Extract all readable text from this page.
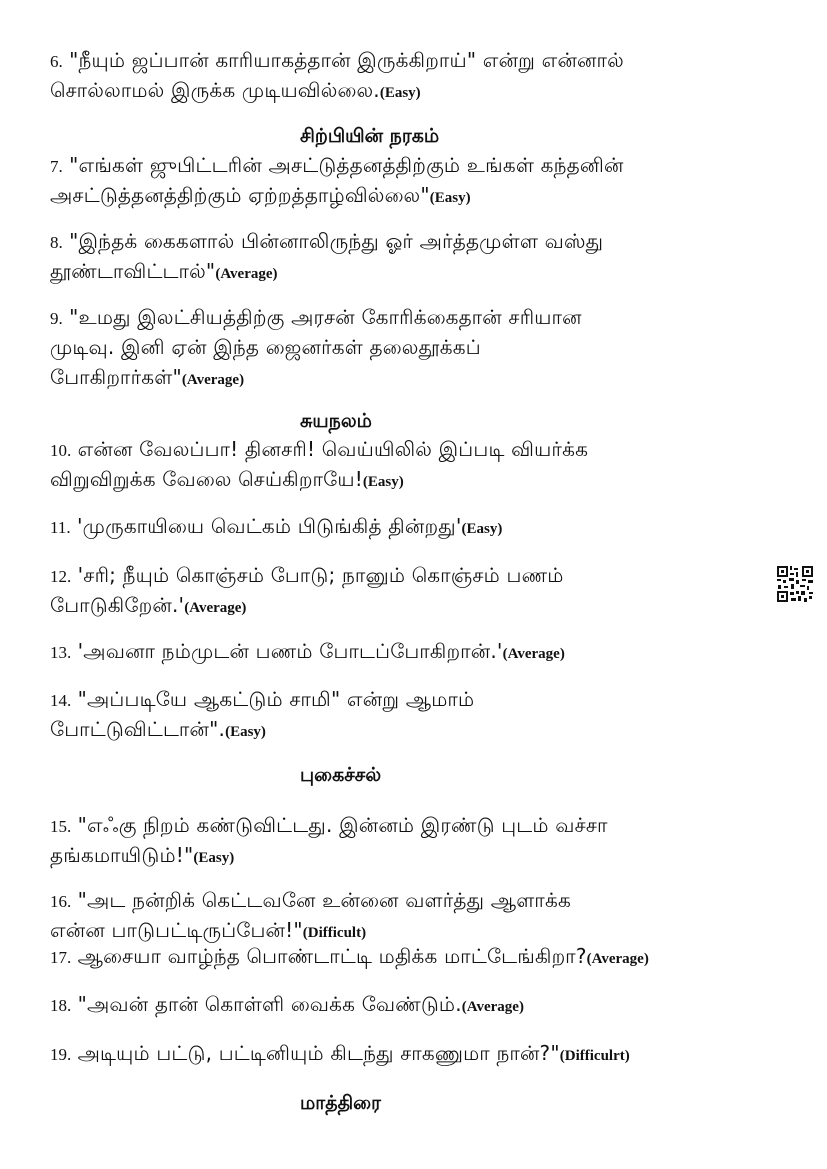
6. "நீயும் ஜப்பான் காரியாகத்தான் இருக்கிறாய்" என்று என்னால்
சொல்லாமல் இருக்க முடியவில்லை.(Easy)
சிற்பியின் நரகம்
7. "எங்கள் ஜுபிட்டரின் அசட்டுத்தனத்திற்கும் உங்கள் கந்தனின்
அசட்டுத்தனத்திற்கும் ஏற்றத்தாழ்வில்லை"(Easy)
8. "இந்தக் கைகளால் பின்னாலிருந்து ஓர் அர்த்தமுள்ள வஸ்து
தூண்டாவிட்டால்"(Average)
9. "உமது இலட்சியத்திற்கு அரசன் கோரிக்கைதான் சரியான
முடிவு. இனி ஏன் இந்த ஜைனர்கள் தலைதூக்கப்
போகிறார்கள்"(Average)
சுயநலம்
10. என்ன வேலப்பா! தினசரி! வெய்யிலில் இப்படி வியர்க்க
விறுவிறுக்க வேலை செய்கிறாயே!(Easy)
11. 'முருகாயியை வெட்கம் பிடுங்கித் தின்றது'(Easy)
12. 'சரி; நீயும் கொஞ்சம் போடு; நானும் கொஞ்சம் பணம்
போடுகிறேன்.'(Average)
13. 'அவனா நம்முடன் பணம் போடப்போகிறான்.'(Average)
14. "அப்படியே ஆகட்டும் சாமி" என்று ஆமாம்
போட்டுவிட்டான்".(Easy)
புகைச்சல்
15. "எஃகு நிறம் கண்டுவிட்டது. இன்னம் இரண்டு புடம் வச்சா
தங்கமாயிடும்!"(Easy)
16. "அட நன்றிக் கெட்டவனே உன்னை வளர்த்து ஆளாக்க
என்ன பாடுபட்டிருப்பேன்!"(Difficult)
17. ஆசையா வாழ்ந்த பொண்டாட்டி மதிக்க மாட்டேங்கிறா?(Average)
18. "அவன் தான் கொள்ளி வைக்க வேண்டும்.(Average)
19. அடியும் பட்டு, பட்டினியும் கிடந்து சாகணுமா நான்?"(Difficulrt)
மாத்திரை
